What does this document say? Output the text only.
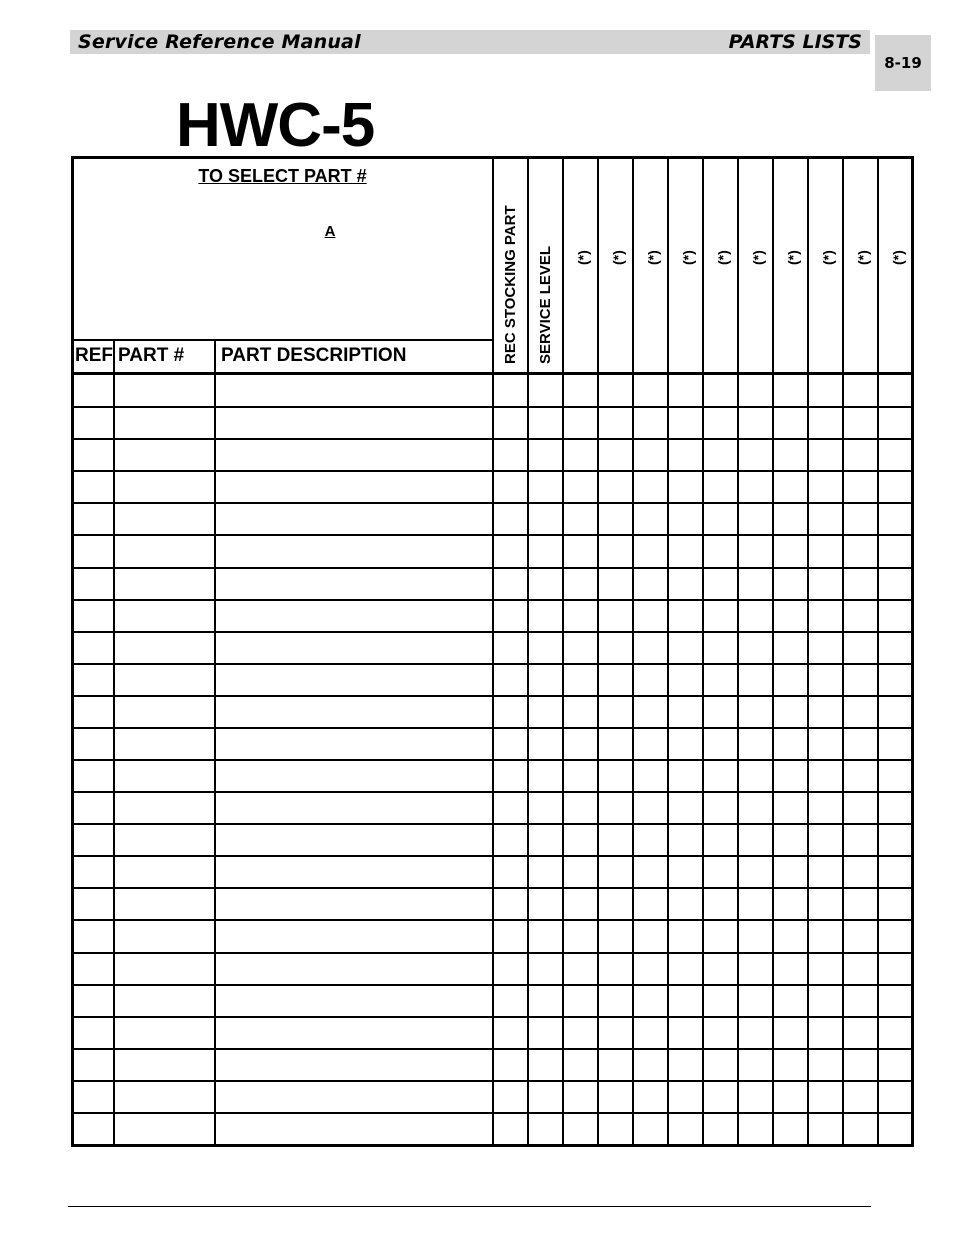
Service Reference Manual	PARTS LISTS
8-19
HWC-5
TO SELECT PART #
A
REF PART # PART DESCRIPTION	REC STOCKING PART SERVICE LEVEL (*) (*) (*) (*) (*) (*) (*) (*) (*) (*)
